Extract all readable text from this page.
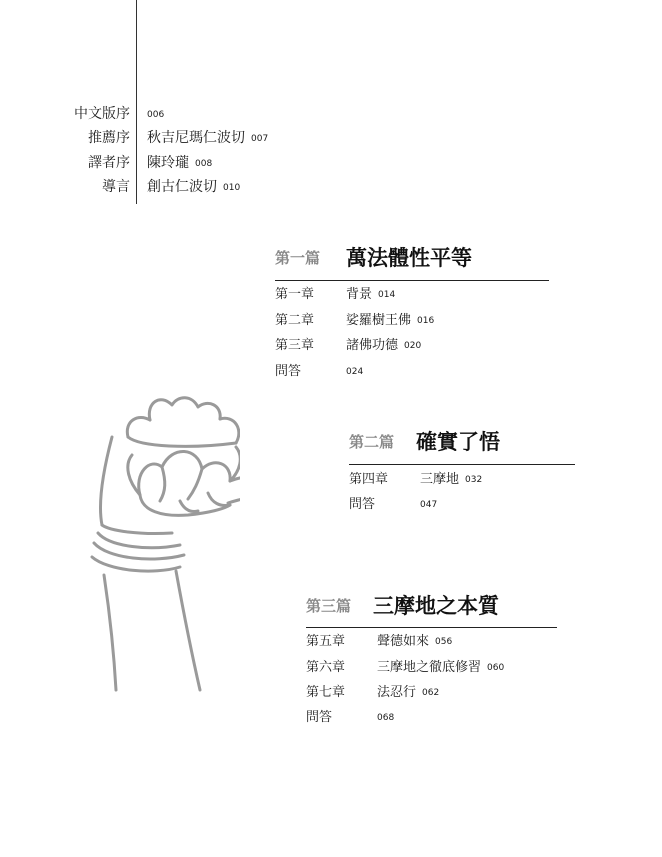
中文版序 006
推薦序 秋吉尼瑪仁波切 007
譯者序 陳玲瓏 008
導言 創古仁波切 010
第一篇 萬法體性平等
第一章 背景 014
第二章 娑羅樹王佛 016
第三章 諸佛功德 020
問答	024
第二篇 確實了悟
第四章 三摩地 032
問答	047
第三篇 三摩地之本質
第五章 聲德如來 056
第六章 三摩地之徹底修習 060
第七章 法忍行 062
問答	068
